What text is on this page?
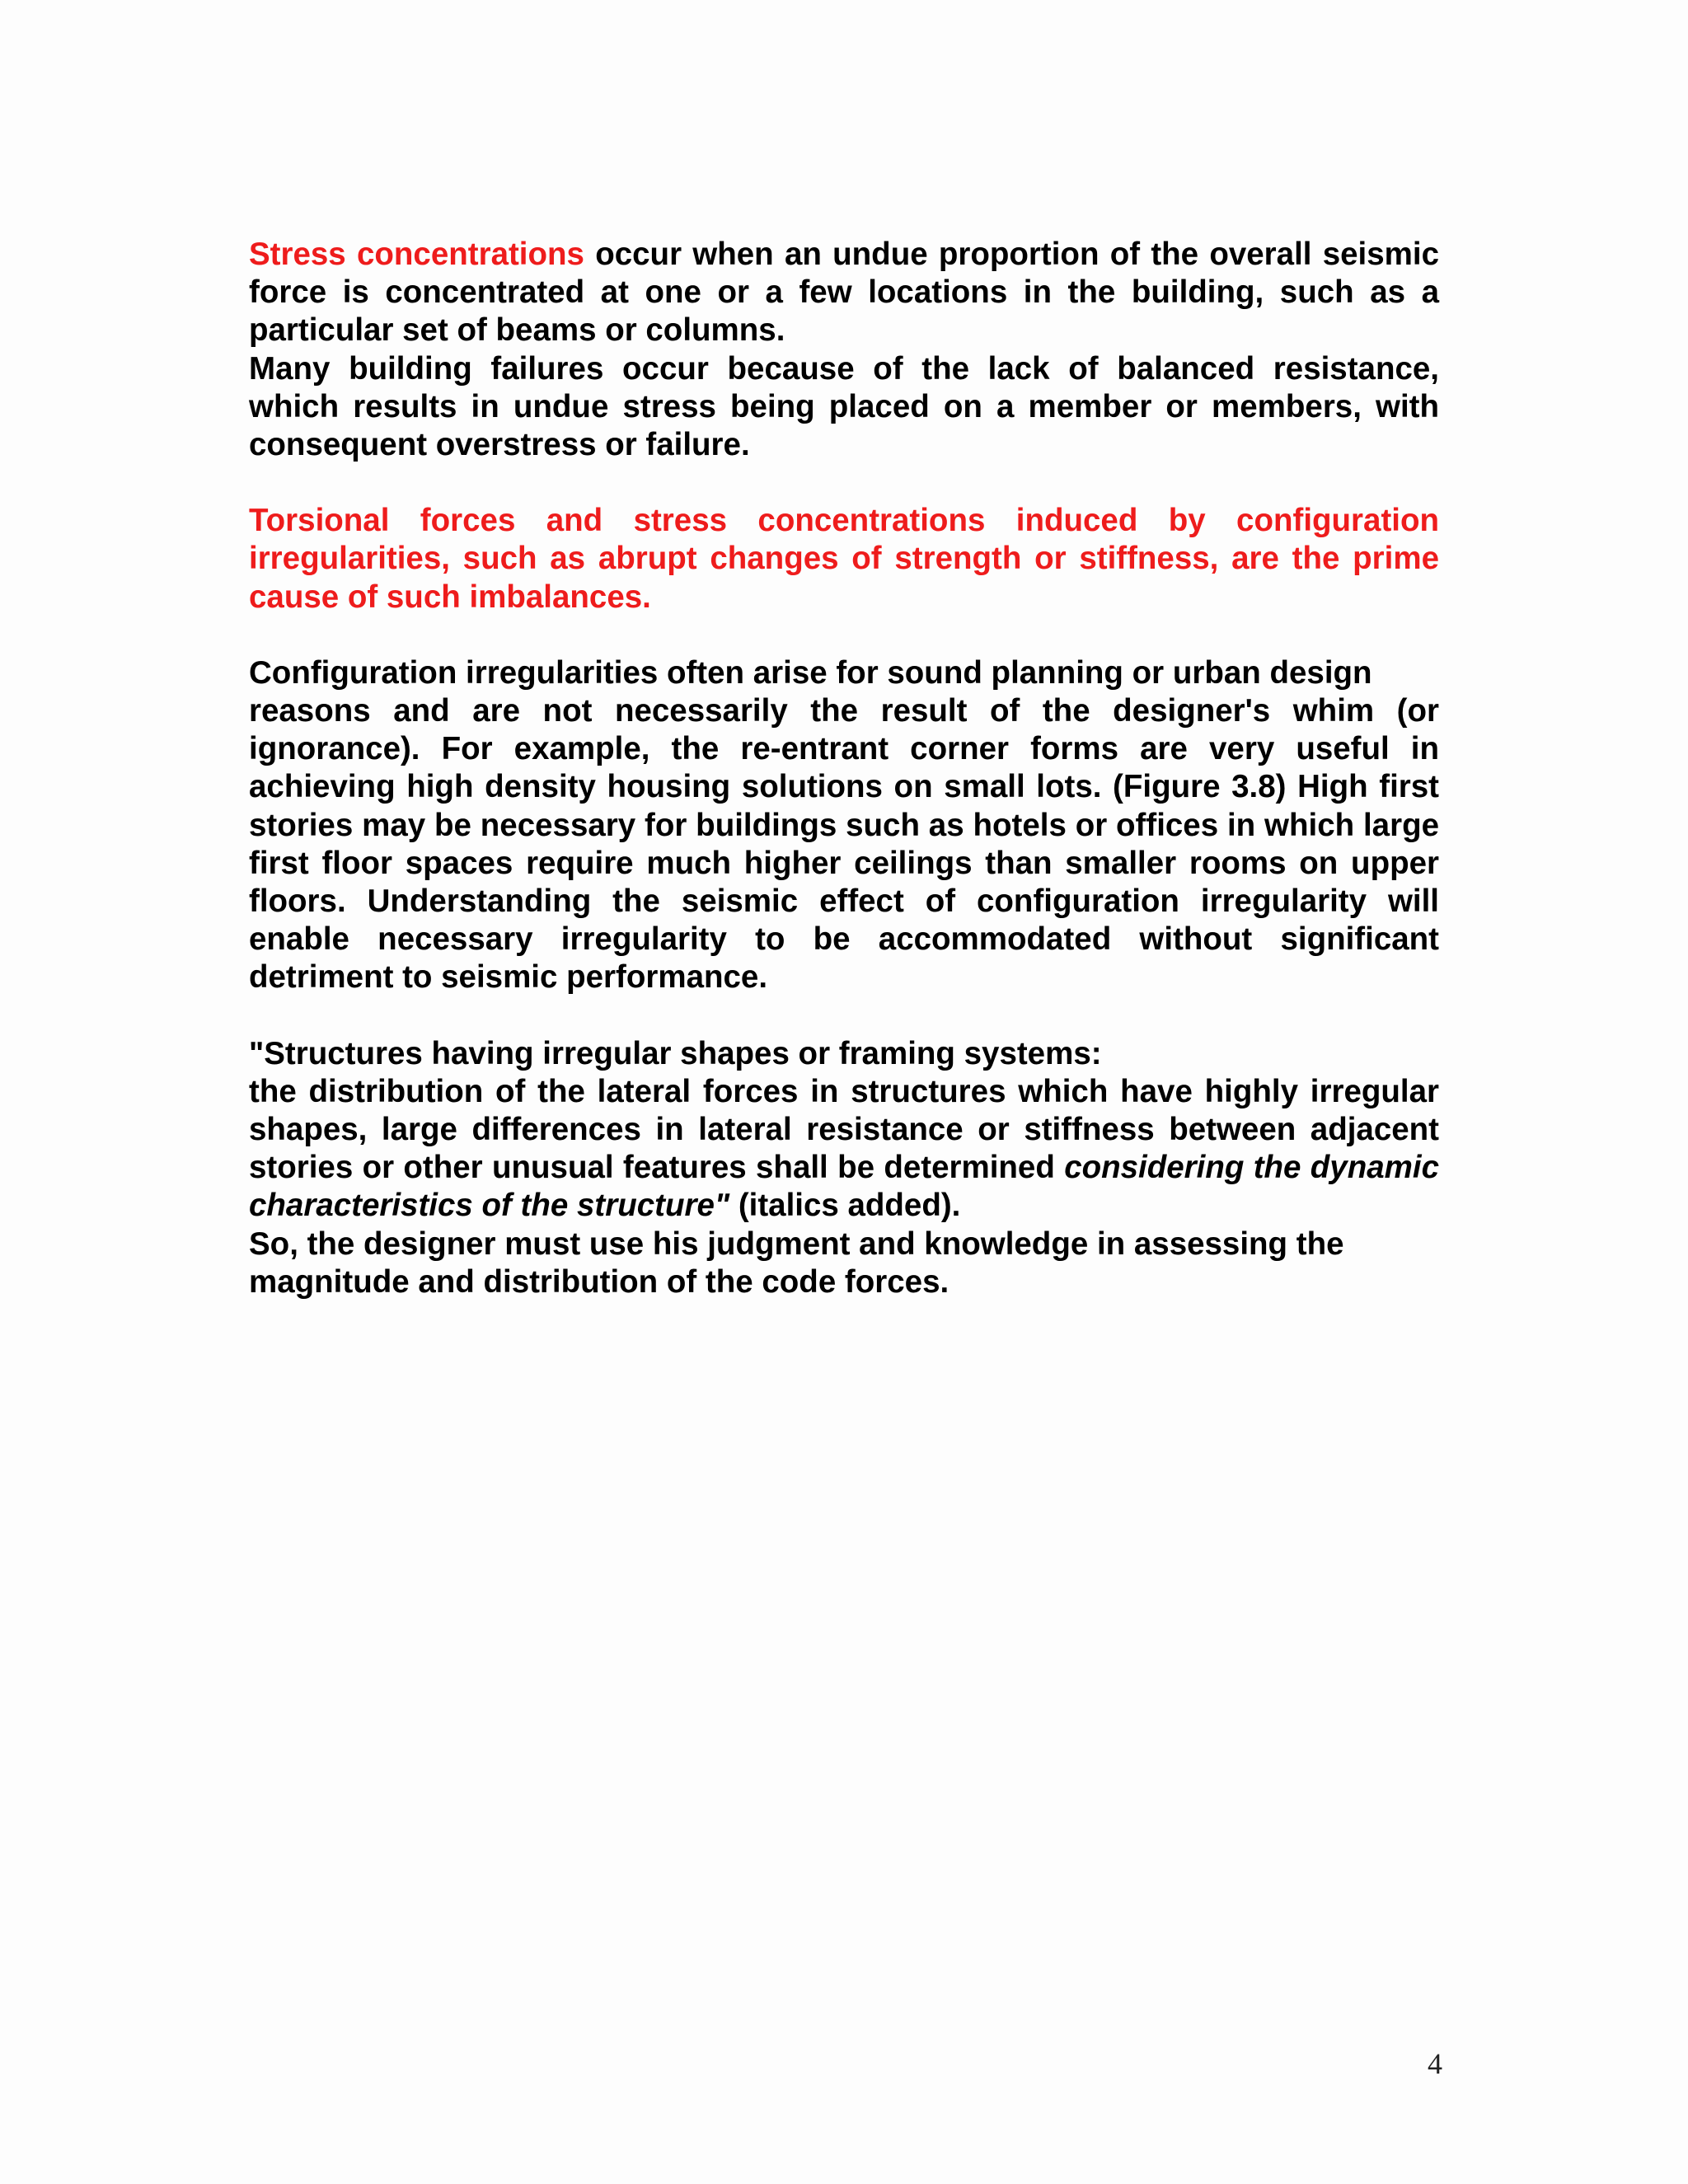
Stress concentrations occur when an undue proportion of the overall seismic force is concentrated at one or a few locations in the building, such as a particular set of beams or columns.

Many building failures occur because of the lack of balanced resistance, which results in undue stress being placed on a member or members, with consequent overstress or failure.

Torsional forces and stress concentrations induced by configuration irregularities, such as abrupt changes of strength or stiffness, are the prime cause of such imbalances.

Configuration irregularities often arise for sound planning or urban design

reasons and are not necessarily the result of the designer's whim (or ignorance). For example, the re-entrant corner forms are very useful in achieving high density housing solutions on small lots. (Figure 3.8) High first stories may be necessary for buildings such as hotels or offices in which large first floor spaces require much higher ceilings than smaller rooms on upper floors. Understanding the seismic effect of configuration irregularity will enable necessary irregularity to be accommodated without significant detriment to seismic performance.

"Structures having irregular shapes or framing systems:

the distribution of the lateral forces in structures which have highly irregular shapes, large differences in lateral resistance or stiffness between adjacent stories or other unusual features shall be determined considering the dynamic characteristics of the structure" (italics added).

So, the designer must use his judgment and knowledge in assessing the

magnitude and distribution of the code forces.

4
